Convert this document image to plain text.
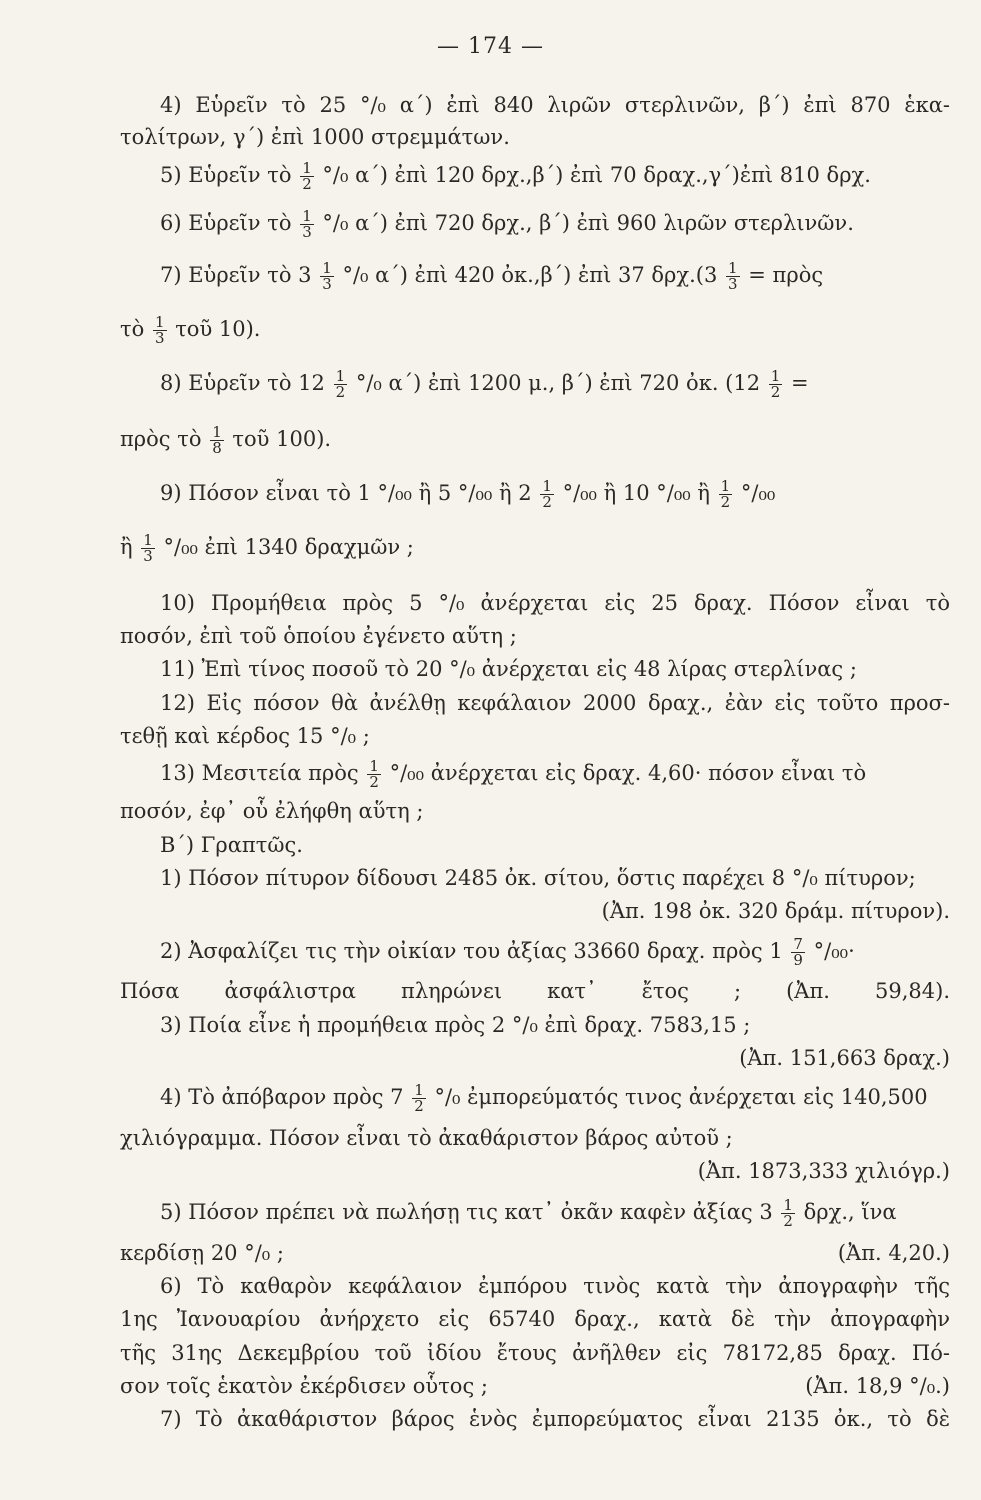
— 174 —
4) Εὑρεῖν τὸ 25 °/₀ α΄) ἐπὶ 840 λιρῶν στερλινῶν, β΄) ἐπὶ 870 ἑκα-
τολίτρων, γ΄) ἐπὶ 1000 στρεμμάτων.
5) Εὑρεῖν τὸ $\frac{1}{2} ^\circ/_0$ α΄) ἐπὶ 120 δρχ.,β΄) ἐπὶ 70 δραχ.,γ΄)ἐπὶ 810 δρχ.
6) Εὑρεῖν τὸ $\frac{1}{3} ^\circ/_0$ α΄) ἐπὶ 720 δρχ., β΄) ἐπὶ 960 λιρῶν στερλινῶν.
7) Εὑρεῖν τὸ $3 \frac{1}{3} ^\circ/_0$ α΄) ἐπὶ 420 ὀκ.,β΄) ἐπὶ 37 $\delta\rho\chi.(3 \frac{1}{3}$ = πρὸς
τὸ $\frac{1}{3}$ τοῦ 10).
8) Εὑρεῖν τὸ $12 \frac{1}{2} ^\circ/_0$ α΄) ἐπὶ 1200 μ., β΄) ἐπὶ 720 ὀκ. ($12 \frac{1}{2}$ =
πρὸς τὸ $\frac{1}{8}$ τοῦ 100).
9) Πόσον εἶναι τὸ 1 °/₀₀ ἢ 5 °/₀₀ ἢ $2 \frac{1}{2} ^\circ/_{00}$ ἢ 10 °/₀₀ ἢ $\frac{1}{2} ^\circ/_{00}$
ἢ $\frac{1}{3} ^\circ/_{00}$ ἐπὶ 1340 δραχμῶν ;
10) Προμήθεια πρὸς 5 °/₀ ἀνέρχεται εἰς 25 δραχ. Πόσον εἶναι τὸ
ποσόν, ἐπὶ τοῦ ὁποίου ἐγένετο αὕτη ;
11) Ἐπὶ τίνος ποσοῦ τὸ 20 °/₀ ἀνέρχεται εἰς 48 λίρας στερλίνας ;
12) Εἰς πόσον θὰ ἀνέλθῃ κεφάλαιον 2000 δραχ., ἐὰν εἰς τοῦτο προσ-
τεθῇ καὶ κέρδος 15 °/₀ ;
13) Μεσιτεία πρὸς $\frac{1}{2} ^\circ/_{00}$ ἀνέρχεται εἰς δραχ. 4,60· πόσον εἶναι τὸ
ποσόν, ἐφ᾽ οὗ ἐλήφθη αὕτη ;
Β΄) Γραπτῶς.
1) Πόσον πίτυρον δίδουσι 2485 ὀκ. σίτου, ὅστις παρέχει 8 °/₀ πίτυρον;
(Ἀπ. 198 ὀκ. 320 δράμ. πίτυρον).
2) Ἀσφαλίζει τις τὴν οἰκίαν του ἀξίας 33660 δραχ. πρὸς $1 \frac{7}{9} ^\circ/_{00}\cdot$
Πόσα ἀσφάλιστρα πληρώνει κατ᾽ ἔτος ; (Ἀπ. 59,84).
3) Ποία εἶνε ἡ προμήθεια πρὸς 2 °/₀ ἐπὶ δραχ. 7583,15 ;
(Ἀπ. 151,663 δραχ.)
4) Τὸ ἀπόβαρον πρὸς $7 \frac{1}{2} ^\circ/_0$ ἐμπορεύματός τινος ἀνέρχεται εἰς 140,500
χιλιόγραμμα. Πόσον εἶναι τὸ ἀκαθάριστον βάρος αὐτοῦ ;
(Ἀπ. 1873,333 χιλιόγρ.)
5) Πόσον πρέπει νὰ πωλήσῃ τις κατ᾽ ὀκᾶν καφὲν ἀξίας $3 \frac{1}{2} \delta\rho\chi$., ἵνα
κερδίσῃ 20 °/₀ ;	(Ἀπ. 4,20.)
6) Τὸ καθαρὸν κεφάλαιον ἐμπόρου τινὸς κατὰ τὴν ἀπογραφὴν τῆς
1ης Ἰανουαρίου ἀνήρχετο εἰς 65740 δραχ., κατὰ δὲ τὴν ἀπογραφὴν
τῆς 31ης Δεκεμβρίου τοῦ ἰδίου ἔτους ἀνῆλθεν εἰς 78172,85 δραχ. Πό-
σον τοῖς ἑκατὸν ἐκέρδισεν οὗτος ;	(Ἀπ. 18,9 °/₀.)
7) Τὸ ἀκαθάριστον βάρος ἑνὸς ἐμπορεύματος εἶναι 2135 ὀκ., τὸ δὲ
